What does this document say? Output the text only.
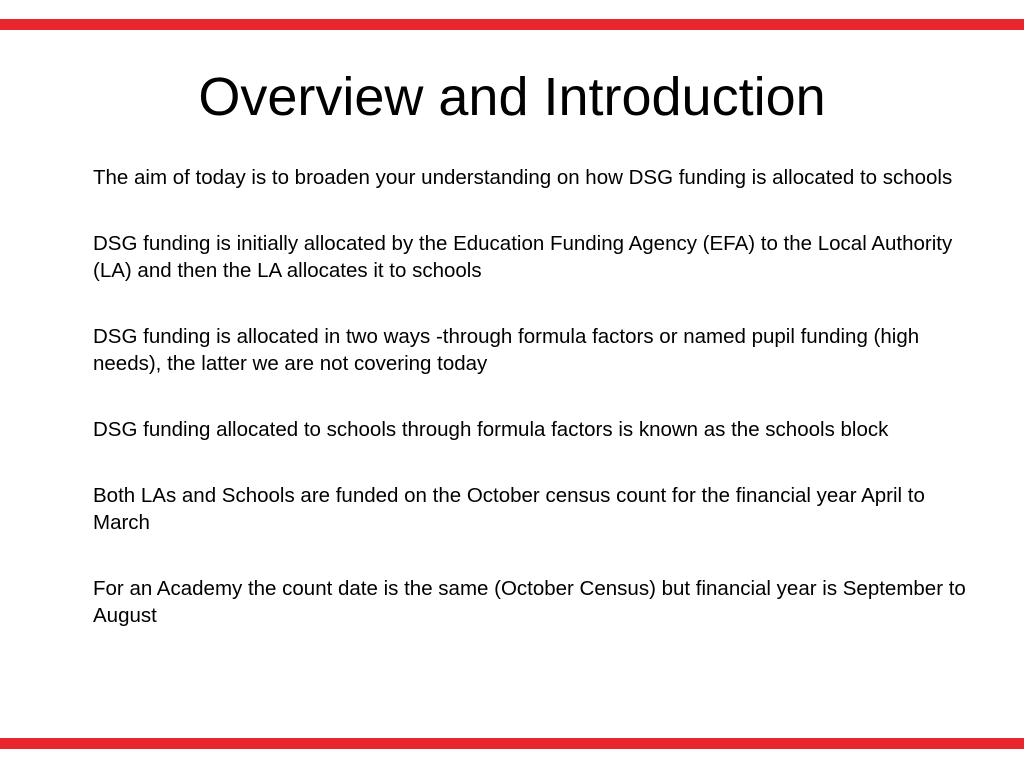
Overview and Introduction
The aim of today is to broaden your understanding on how DSG funding is allocated to schools
DSG funding is initially allocated by the Education Funding Agency (EFA) to the Local Authority (LA) and then the LA allocates it to schools
DSG funding is allocated in two ways -through formula factors or named pupil funding (high needs), the latter we are not covering today
DSG funding allocated to schools through formula factors is known as the schools block
Both LAs and Schools are funded on the October census count for the financial year April to March
For an Academy the count date is the same (October Census) but financial year is September to August
